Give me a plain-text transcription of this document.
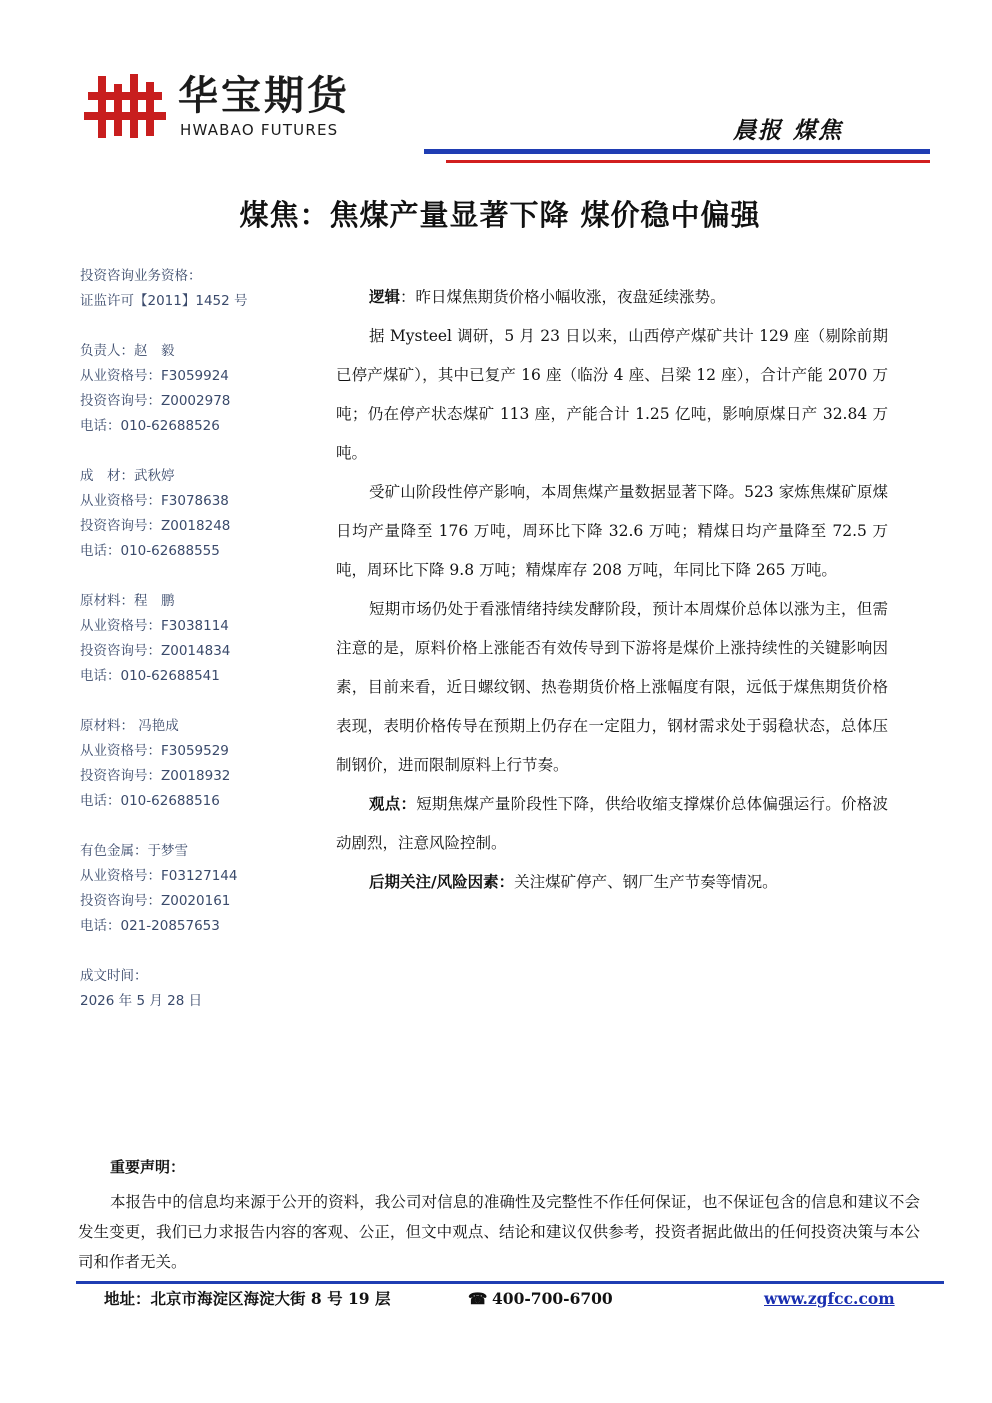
华宝期货
HWABAO FUTURES	晨报 煤焦
煤焦：焦煤产量显著下降 煤价稳中偏强
投资咨询业务资格：
证监许可【2011】1452 号
负责人：赵　毅
从业资格号：F3059924
投资咨询号：Z0002978
电话：010-62688526
成　材：武秋婷
从业资格号：F3078638
投资咨询号：Z0018248
电话：010-62688555
原材料：程　鹏
从业资格号：F3038114
投资咨询号：Z0014834
电话：010-62688541
原材料： 冯艳成
从业资格号：F3059529
投资咨询号：Z0018932
电话：010-62688516
有色金属：于梦雪
从业资格号：F03127144
投资咨询号：Z0020161
电话：021-20857653
成文时间：
2026 年 5 月 28 日

逻辑：昨日煤焦期货价格小幅收涨，夜盘延续涨势。

据 Mysteel 调研，5 月 23 日以来，山西停产煤矿共计 129 座（剔除前期已停产煤矿），其中已复产 16 座（临汾 4 座、吕梁 12 座），合计产能 2070 万吨；仍在停产状态煤矿 113 座，产能合计 1.25 亿吨，影响原煤日产 32.84 万吨。

受矿山阶段性停产影响，本周焦煤产量数据显著下降。523 家炼焦煤矿原煤日均产量降至 176 万吨，周环比下降 32.6 万吨；精煤日均产量降至 72.5 万吨，周环比下降 9.8 万吨；精煤库存 208 万吨，年同比下降 265 万吨。

短期市场仍处于看涨情绪持续发酵阶段，预计本周煤价总体以涨为主，但需注意的是，原料价格上涨能否有效传导到下游将是煤价上涨持续性的关键影响因素，目前来看，近日螺纹钢、热卷期货价格上涨幅度有限，远低于煤焦期货价格表现，表明价格传导在预期上仍存在一定阻力，钢材需求处于弱稳状态，总体压制钢价，进而限制原料上行节奏。

观点：短期焦煤产量阶段性下降，供给收缩支撑煤价总体偏强运行。价格波动剧烈，注意风险控制。

后期关注/风险因素：关注煤矿停产、钢厂生产节奏等情况。

重要声明：

本报告中的信息均来源于公开的资料，我公司对信息的准确性及完整性不作任何保证，也不保证包含的信息和建议不会发生变更，我们已力求报告内容的客观、公正，但文中观点、结论和建议仅供参考，投资者据此做出的任何投资决策与本公司和作者无关。

地址：北京市海淀区海淀大街 8 号 19 层	☎ 400-700-6700	www.zgfcc.com
